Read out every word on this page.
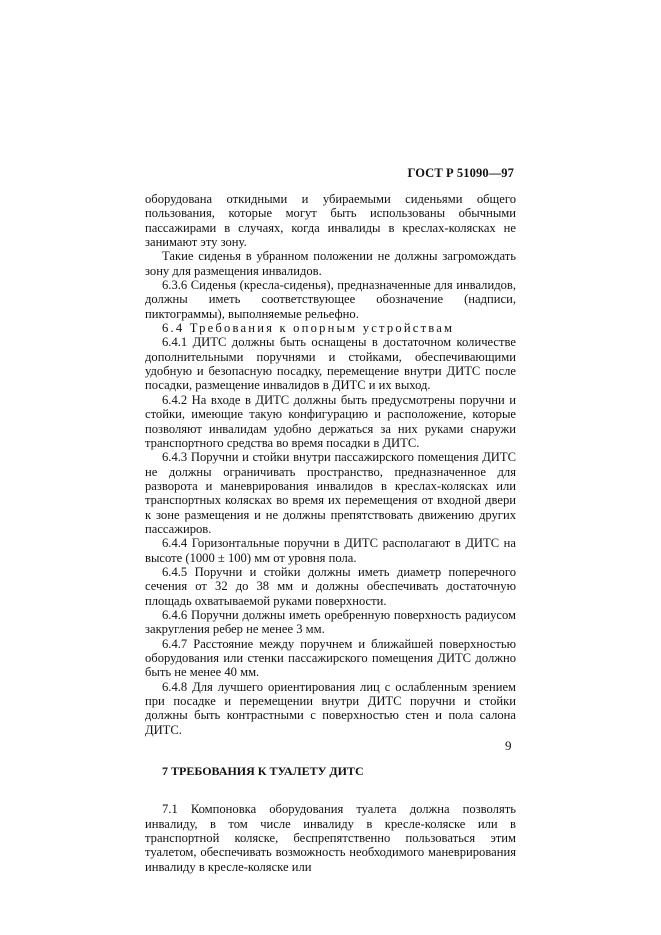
ГОСТ Р 51090—97

оборудована откидными и убираемыми сиденьями общего пользования, которые могут быть использованы обычными пассажирами в случаях, когда инвалиды в креслах-колясках не занимают эту зону.

Такие сиденья в убранном положении не должны загромождать зону для размещения инвалидов.

6.3.6 Сиденья (кресла-сиденья), предназначенные для инвалидов, должны иметь соответствующее обозначение (надписи, пиктограммы), выполняемые рельефно.

6.4 Требования к опорным устройствам

6.4.1 ДИТС должны быть оснащены в достаточном количестве дополнительными поручнями и стойками, обеспечивающими удобную и безопасную посадку, перемещение внутри ДИТС после посадки, размещение инвалидов в ДИТС и их выход.

6.4.2 На входе в ДИТС должны быть предусмотрены поручни и стойки, имеющие такую конфигурацию и расположение, которые позволяют инвалидам удобно держаться за них руками снаружи транспортного средства во время посадки в ДИТС.

6.4.3 Поручни и стойки внутри пассажирского помещения ДИТС не должны ограничивать пространство, предназначенное для разворота и маневрирования инвалидов в креслах-колясках или транспортных колясках во время их перемещения от входной двери к зоне размещения и не должны препятствовать движению других пассажиров.

6.4.4 Горизонтальные поручни в ДИТС располагают в ДИТС на высоте (1000 ± 100) мм от уровня пола.

6.4.5 Поручни и стойки должны иметь диаметр поперечного сечения от 32 до 38 мм и должны обеспечивать достаточную площадь охватываемой руками поверхности.

6.4.6 Поручни должны иметь оребренную поверхность радиусом закругления ребер не менее 3 мм.

6.4.7 Расстояние между поручнем и ближайшей поверхностью оборудования или стенки пассажирского помещения ДИТС должно быть не менее 40 мм.

6.4.8 Для лучшего ориентирования лиц с ослабленным зрением при посадке и перемещении внутри ДИТС поручни и стойки должны быть контрастными с поверхностью стен и пола салона ДИТС.

7 ТРЕБОВАНИЯ К ТУАЛЕТУ ДИТС

7.1 Компоновка оборудования туалета должна позволять инвалиду, в том числе инвалиду в кресле-коляске или в транспортной коляске, беспрепятственно пользоваться этим туалетом, обеспечивать возможность необходимого маневрирования инвалиду в кресле-коляске или

9
